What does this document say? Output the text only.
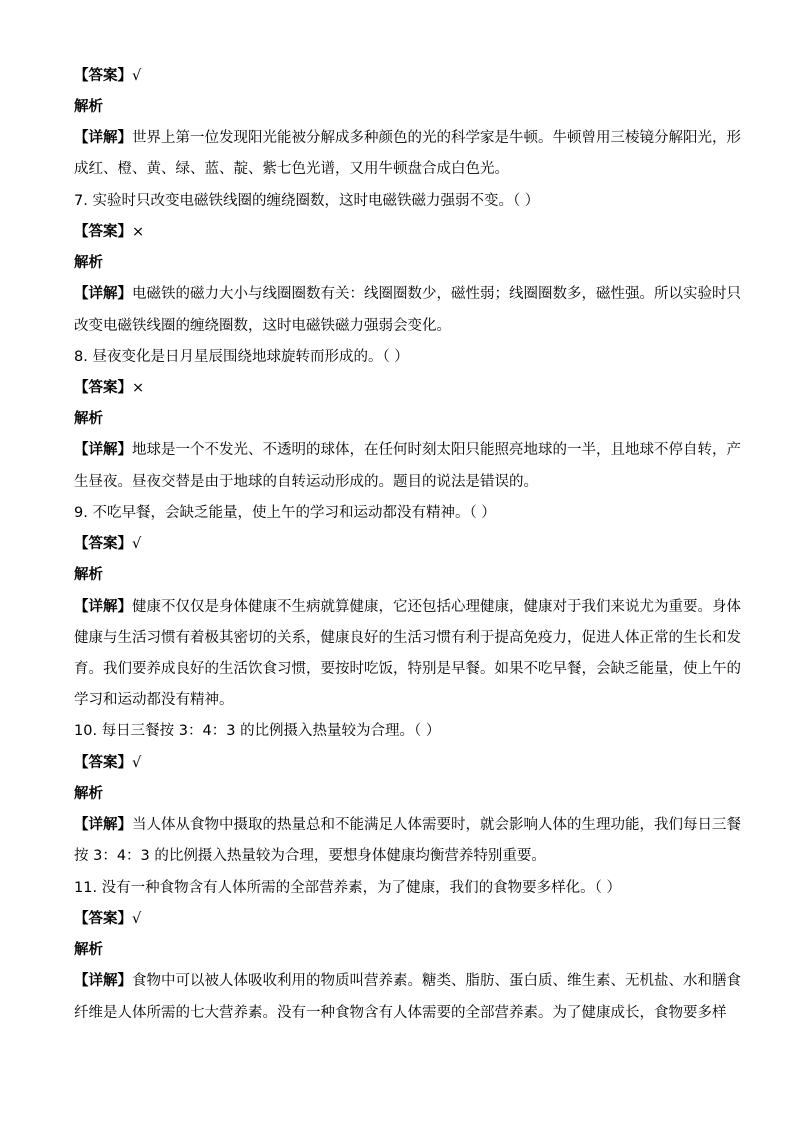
【答案】√
解析
【详解】世界上第一位发现阳光能被分解成多种颜色的光的科学家是牛顿。牛顿曾用三棱镜分解阳光，形
成红、橙、黄、绿、蓝、靛、紫七色光谱，又用牛顿盘合成白色光。
7. 实验时只改变电磁铁线圈的缠绕圈数，这时电磁铁磁力强弱不变。（ ）
【答案】×
解析
【详解】电磁铁的磁力大小与线圈圈数有关：线圈圈数少，磁性弱；线圈圈数多，磁性强。所以实验时只
改变电磁铁线圈的缠绕圈数，这时电磁铁磁力强弱会变化。
8. 昼夜变化是日月星辰围绕地球旋转而形成的。（ ）
【答案】×
解析
【详解】地球是一个不发光、不透明的球体，在任何时刻太阳只能照亮地球的一半，且地球不停自转，产
生昼夜。昼夜交替是由于地球的自转运动形成的。题目的说法是错误的。
9. 不吃早餐，会缺乏能量，使上午的学习和运动都没有精神。（ ）
【答案】√
解析
【详解】健康不仅仅是身体健康不生病就算健康，它还包括心理健康，健康对于我们来说尤为重要。身体
健康与生活习惯有着极其密切的关系，健康良好的生活习惯有利于提高免疫力，促进人体正常的生长和发
育。我们要养成良好的生活饮食习惯，要按时吃饭，特别是早餐。如果不吃早餐，会缺乏能量，使上午的
学习和运动都没有精神。
10. 每日三餐按 3：4：3 的比例摄入热量较为合理。（ ）
【答案】√
解析
【详解】当人体从食物中摄取的热量总和不能满足人体需要时，就会影响人体的生理功能，我们每日三餐
按 3：4：3 的比例摄入热量较为合理，要想身体健康均衡营养特别重要。
11. 没有一种食物含有人体所需的全部营养素，为了健康，我们的食物要多样化。（ ）
【答案】√
解析
【详解】食物中可以被人体吸收利用的物质叫营养素。糖类、脂肪、蛋白质、维生素、无机盐、水和膳食
纤维是人体所需的七大营养素。没有一种食物含有人体需要的全部营养素。为了健康成长，食物要多样
